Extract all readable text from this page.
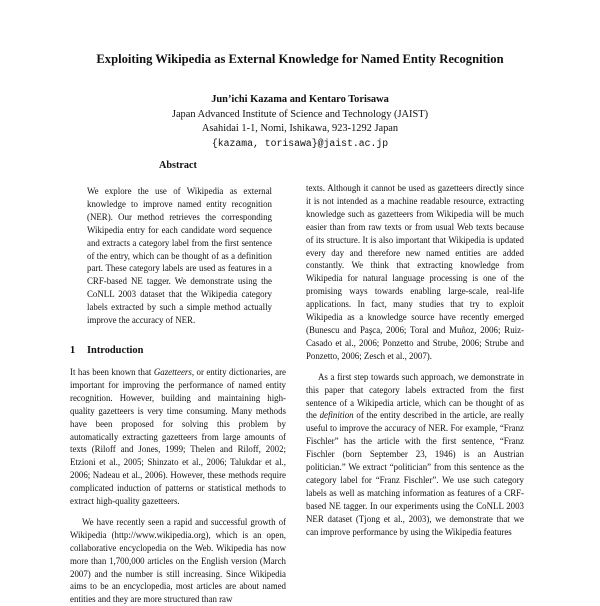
Exploiting Wikipedia as External Knowledge for Named Entity Recognition
Jun’ichi Kazama and Kentaro Torisawa
Japan Advanced Institute of Science and Technology (JAIST)
Asahidai 1-1, Nomi, Ishikawa, 923-1292 Japan
{kazama, torisawa}@jaist.ac.jp
Abstract

We explore the use of Wikipedia as external knowledge to improve named entity recognition (NER). Our method retrieves the corresponding Wikipedia entry for each candidate word sequence and extracts a category label from the first sentence of the entry, which can be thought of as a definition part. These category labels are used as features in a CRF-based NE tagger. We demonstrate using the CoNLL 2003 dataset that the Wikipedia category labels extracted by such a simple method actually improve the accuracy of NER.

1 Introduction

It has been known that Gazetteers, or entity dictionaries, are important for improving the performance of named entity recognition. However, building and maintaining high-quality gazetteers is very time consuming. Many methods have been proposed for solving this problem by automatically extracting gazetteers from large amounts of texts (Riloff and Jones, 1999; Thelen and Riloff, 2002; Etzioni et al., 2005; Shinzato et al., 2006; Talukdar et al., 2006; Nadeau et al., 2006). However, these methods require complicated induction of patterns or statistical methods to extract high-quality gazetteers.

We have recently seen a rapid and successful growth of Wikipedia (http://www.wikipedia.org), which is an open, collaborative encyclopedia on the Web. Wikipedia has now more than 1,700,000 articles on the English version (March 2007) and the number is still increasing. Since Wikipedia aims to be an encyclopedia, most articles are about named entities and they are more structured than raw

texts. Although it cannot be used as gazetteers directly since it is not intended as a machine readable resource, extracting knowledge such as gazetteers from Wikipedia will be much easier than from raw texts or from usual Web texts because of its structure. It is also important that Wikipedia is updated every day and therefore new named entities are added constantly. We think that extracting knowledge from Wikipedia for natural language processing is one of the promising ways towards enabling large-scale, real-life applications. In fact, many studies that try to exploit Wikipedia as a knowledge source have recently emerged (Bunescu and Paşca, 2006; Toral and Muñoz, 2006; Ruiz-Casado et al., 2006; Ponzetto and Strube, 2006; Strube and Ponzetto, 2006; Zesch et al., 2007).

As a first step towards such approach, we demonstrate in this paper that category labels extracted from the first sentence of a Wikipedia article, which can be thought of as the definition of the entity described in the article, are really useful to improve the accuracy of NER. For example, “Franz Fischler” has the article with the first sentence, “Franz Fischler (born September 23, 1946) is an Austrian politician.” We extract “politician” from this sentence as the category label for “Franz Fischler”. We use such category labels as well as matching information as features of a CRF-based NE tagger. In our experiments using the CoNLL 2003 NER dataset (Tjong et al., 2003), we demonstrate that we can improve performance by using the Wikipedia features
